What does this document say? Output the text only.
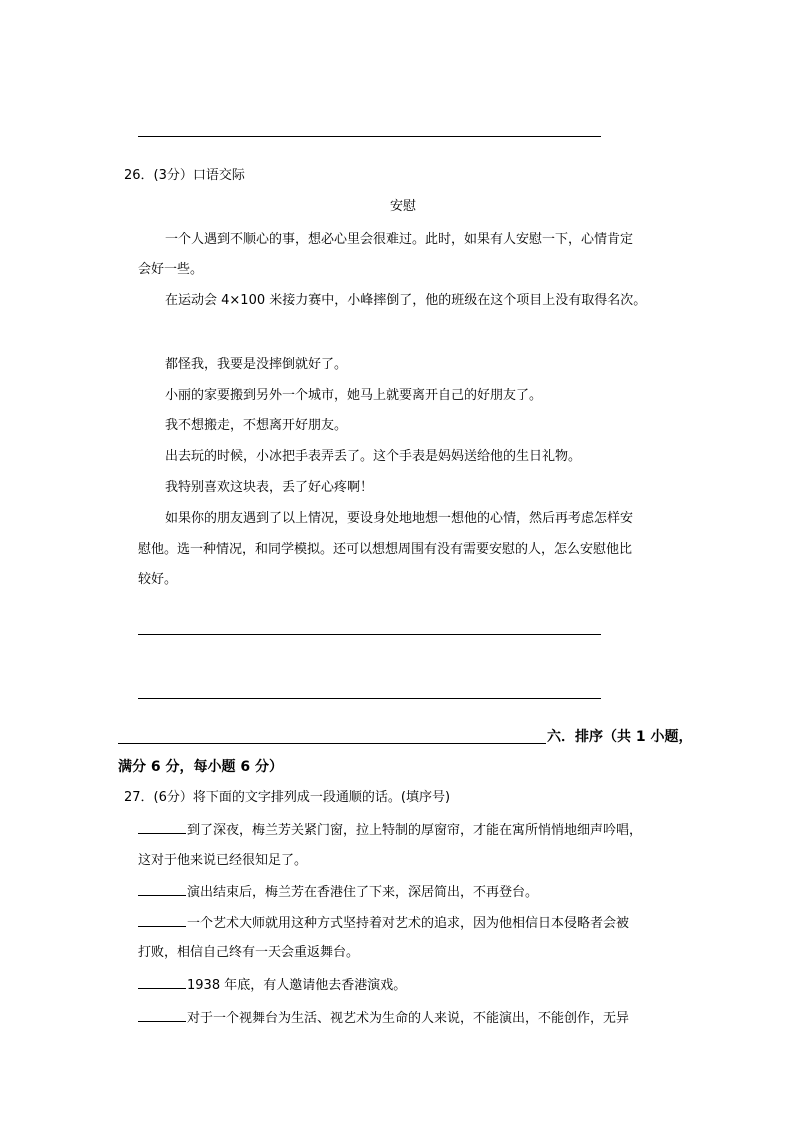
26．(3分）口语交际
安慰
一个人遇到不顺心的事，想必心里会很难过。此时，如果有人安慰一下，心情肯定
会好一些。
在运动会 4×100 米接力赛中，小峰摔倒了，他的班级在这个项目上没有取得名次。
都怪我，我要是没摔倒就好了。
小丽的家要搬到另外一个城市，她马上就要离开自己的好朋友了。
我不想搬走，不想离开好朋友。
出去玩的时候，小冰把手表弄丢了。这个手表是妈妈送给他的生日礼物。
我特别喜欢这块表，丢了好心疼啊！
如果你的朋友遇到了以上情况，要设身处地地想一想他的心情，然后再考虑怎样安
慰他。选一种情况，和同学模拟。还可以想想周围有没有需要安慰的人，怎么安慰他比
较好。
六．排序（共 1 小题，
满分 6 分，每小题 6 分）
27．(6分）将下面的文字排列成一段通顺的话。(填序号)
到了深夜，梅兰芳关紧门窗，拉上特制的厚窗帘，才能在寓所悄悄地细声吟唱，
这对于他来说已经很知足了。
演出结束后，梅兰芳在香港住了下来，深居简出，不再登台。
一个艺术大师就用这种方式坚持着对艺术的追求，因为他相信日本侵略者会被
打败，相信自己终有一天会重返舞台。
1938 年底，有人邀请他去香港演戏。
对于一个视舞台为生活、视艺术为生命的人来说，不能演出，不能创作，无异
